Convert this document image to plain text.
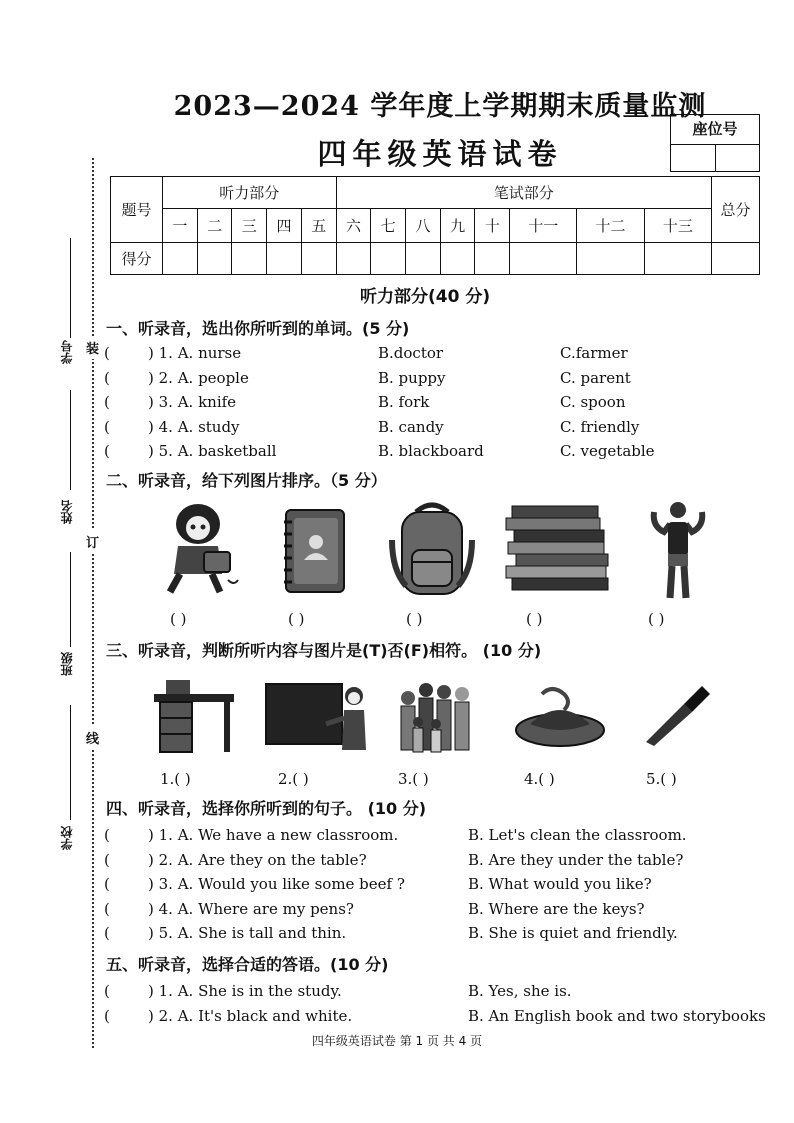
2023—2024 学年度上学期期末质量监测
四年级英语试卷
座位号
题号	听力部分					笔试部分								总分
	一	二	三	四	五	六	七	八	九	十	十一	十二	十三	
得分														
学号
姓名
班级
学校
装
订
线
听力部分(40 分)
一、听录音，选出你所听到的单词。(5 分)
(	) 1. A. nurse	B.doctor	C.farmer
(	) 2. A. people	B. puppy	C. parent
(	) 3. A. knife	B. fork	C. spoon
(	) 4. A. study	B. candy	C. friendly
(	) 5. A. basketball	B. blackboard	C. vegetable
二、听录音，给下列图片排序。（5 分）
( )	( )	( )	( )	( )
三、听录音，判断所听内容与图片是(T)否(F)相符。 (10 分)
1.( )	2.( )	3.( )	4.( )	5.( )
四、听录音，选择你所听到的句子。 (10 分)
(	) 1. A. We have a new classroom.	B. Let's clean the classroom.
(	) 2. A. Are they on the table?	B. Are they under the table?
(	) 3. A. Would you like some beef ?	B. What would you like?
(	) 4. A. Where are my pens?	B. Where are the keys?
(	) 5. A. She is tall and thin.	B. She is quiet and friendly.
五、听录音，选择合适的答语。(10 分)
(	) 1. A. She is in the study.	B. Yes, she is.
(	) 2. A. It's black and white.	B. An English book and two storybooks
四年级英语试卷 第 1 页 共 4 页
